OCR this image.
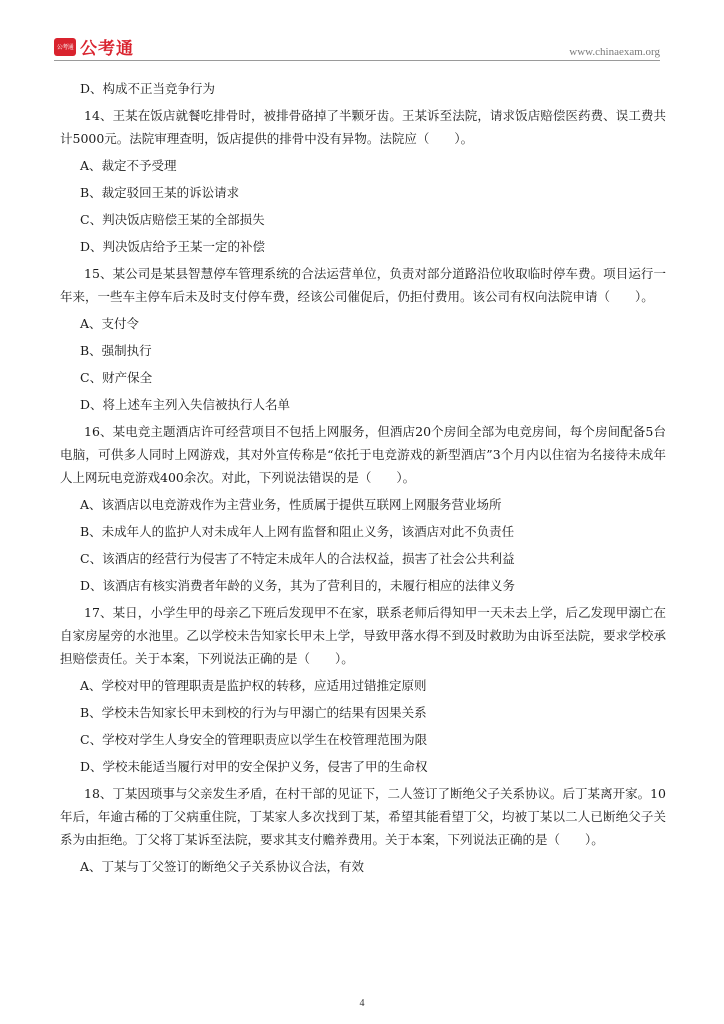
公考通 公考通	www.chinaexam.org

D、构成不正当竞争行为

14、王某在饭店就餐吃排骨时，被排骨硌掉了半颗牙齿。王某诉至法院，请求饭店赔偿医药费、误工费共计5000元。法院审理查明，饭店提供的排骨中没有异物。法院应（　　）。

A、裁定不予受理

B、裁定驳回王某的诉讼请求

C、判决饭店赔偿王某的全部损失

D、判决饭店给予王某一定的补偿

15、某公司是某县智慧停车管理系统的合法运营单位，负责对部分道路沿位收取临时停车费。项目运行一年来，一些车主停车后未及时支付停车费，经该公司催促后，仍拒付费用。该公司有权向法院申请（　　）。

A、支付令

B、强制执行

C、财产保全

D、将上述车主列入失信被执行人名单

16、某电竞主题酒店许可经营项目不包括上网服务，但酒店20个房间全部为电竞房间，每个房间配备5台电脑，可供多人同时上网游戏，其对外宣传称是“依托于电竞游戏的新型酒店”3个月内以住宿为名接待未成年人上网玩电竞游戏400余次。对此，下列说法错误的是（　　）。

A、该酒店以电竞游戏作为主营业务，性质属于提供互联网上网服务营业场所

B、未成年人的监护人对未成年人上网有监督和阻止义务，该酒店对此不负责任

C、该酒店的经营行为侵害了不特定未成年人的合法权益，损害了社会公共利益

D、该酒店有核实消费者年龄的义务，其为了营利目的，未履行相应的法律义务

17、某日，小学生甲的母亲乙下班后发现甲不在家，联系老师后得知甲一天未去上学，后乙发现甲溺亡在自家房屋旁的水池里。乙以学校未告知家长甲未上学，导致甲落水得不到及时救助为由诉至法院，要求学校承担赔偿责任。关于本案，下列说法正确的是（　　）。

A、学校对甲的管理职责是监护权的转移，应适用过错推定原则

B、学校未告知家长甲未到校的行为与甲溺亡的结果有因果关系

C、学校对学生人身安全的管理职责应以学生在校管理范围为限

D、学校未能适当履行对甲的安全保护义务，侵害了甲的生命权

18、丁某因琐事与父亲发生矛盾，在村干部的见证下，二人签订了断绝父子关系协议。后丁某离开家。10年后，年逾古稀的丁父病重住院，丁某家人多次找到丁某，希望其能看望丁父，均被丁某以二人已断绝父子关系为由拒绝。丁父将丁某诉至法院，要求其支付赡养费用。关于本案，下列说法正确的是（　　）。

A、丁某与丁父签订的断绝父子关系协议合法，有效

4
